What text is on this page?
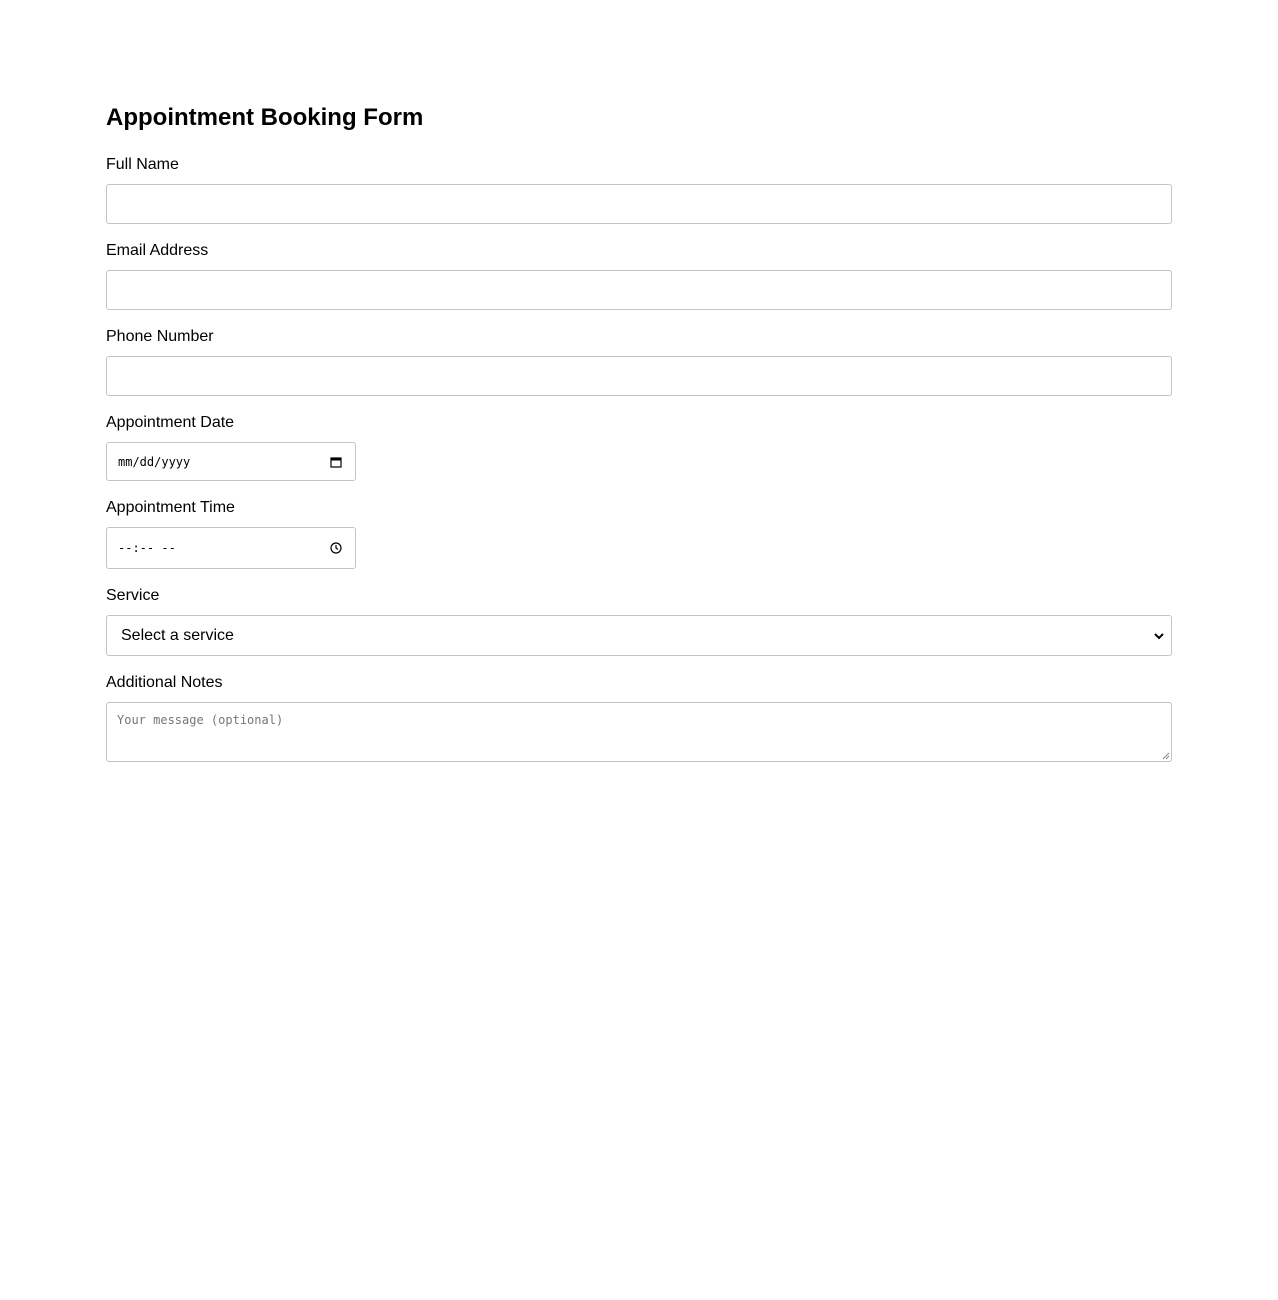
Appointment Booking Form
Full Name
Email Address
Phone Number
Appointment Date
mm/dd/yyyy
Appointment Time
--:-- --
Service
Select a service
Additional Notes
Your message (optional)
